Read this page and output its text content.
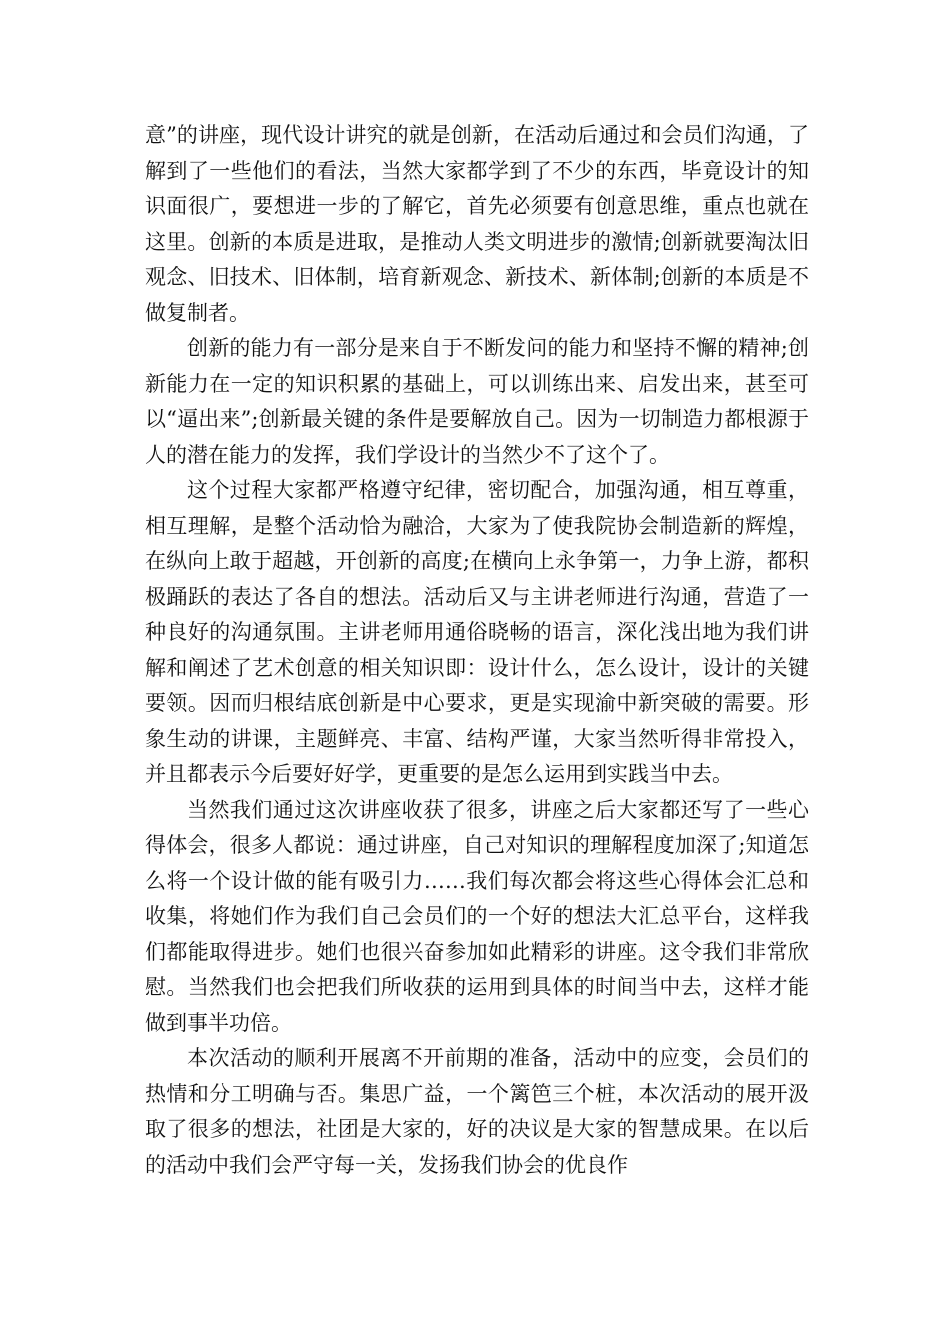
意”的讲座，现代设计讲究的就是创新，在活动后通过和会员们沟通，了解到了一些他们的看法，当然大家都学到了不少的东西，毕竟设计的知识面很广，要想进一步的了解它，首先必须要有创意思维，重点也就在这里。创新的本质是进取，是推动人类文明进步的激情;创新就要淘汰旧观念、旧技术、旧体制，培育新观念、新技术、新体制;创新的本质是不做复制者。

创新的能力有一部分是来自于不断发问的能力和坚持不懈的精神;创新能力在一定的知识积累的基础上，可以训练出来、启发出来，甚至可以“逼出来”;创新最关键的条件是要解放自己。因为一切制造力都根源于人的潜在能力的发挥，我们学设计的当然少不了这个了。

这个过程大家都严格遵守纪律，密切配合，加强沟通，相互尊重，相互理解，是整个活动恰为融洽，大家为了使我院协会制造新的辉煌，在纵向上敢于超越，开创新的高度;在横向上永争第一，力争上游，都积极踊跃的表达了各自的想法。活动后又与主讲老师进行沟通，营造了一种良好的沟通氛围。主讲老师用通俗晓畅的语言，深化浅出地为我们讲解和阐述了艺术创意的相关知识即：设计什么，怎么设计，设计的关键要领。因而归根结底创新是中心要求，更是实现渝中新突破的需要。形象生动的讲课，主题鲜亮、丰富、结构严谨，大家当然听得非常投入，并且都表示今后要好好学，更重要的是怎么运用到实践当中去。

当然我们通过这次讲座收获了很多，讲座之后大家都还写了一些心得体会，很多人都说：通过讲座，自己对知识的理解程度加深了;知道怎么将一个设计做的能有吸引力……我们每次都会将这些心得体会汇总和收集，将她们作为我们自己会员们的一个好的想法大汇总平台，这样我们都能取得进步。她们也很兴奋参加如此精彩的讲座。这令我们非常欣慰。当然我们也会把我们所收获的运用到具体的时间当中去，这样才能做到事半功倍。

本次活动的顺利开展离不开前期的准备，活动中的应变，会员们的热情和分工明确与否。集思广益，一个篱笆三个桩，本次活动的展开汲取了很多的想法，社团是大家的，好的决议是大家的智慧成果。在以后的活动中我们会严守每一关，发扬我们协会的优良作
